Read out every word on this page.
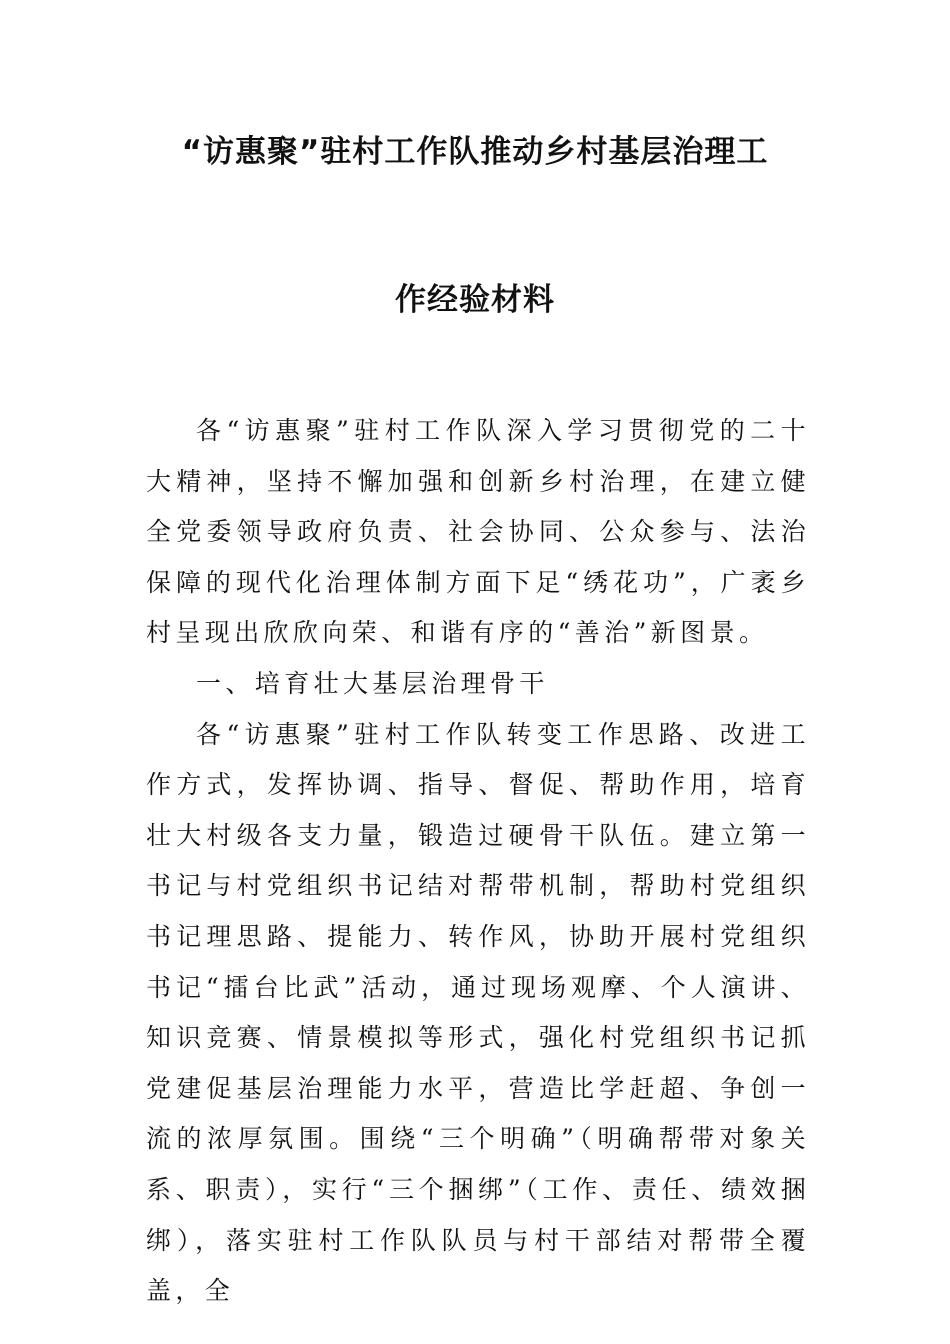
“访惠聚”驻村工作队推动乡村基层治理工
作经验材料

各“访惠聚”驻村工作队深入学习贯彻党的二十大精神，坚持不懈加强和创新乡村治理，在建立健全党委领导政府负责、社会协同、公众参与、法治保障的现代化治理体制方面下足“绣花功”，广袤乡村呈现出欣欣向荣、和谐有序的“善治”新图景。

一、培育壮大基层治理骨干

各“访惠聚”驻村工作队转变工作思路、改进工作方式，发挥协调、指导、督促、帮助作用，培育壮大村级各支力量，锻造过硬骨干队伍。建立第一书记与村党组织书记结对帮带机制，帮助村党组织书记理思路、提能力、转作风，协助开展村党组织书记“擂台比武”活动，通过现场观摩、个人演讲、知识竞赛、情景模拟等形式，强化村党组织书记抓党建促基层治理能力水平，营造比学赶超、争创一流的浓厚氛围。围绕“三个明确”（明确帮带对象关系、职责），实行“三个捆绑”（工作、责任、绩效捆绑），落实驻村工作队队员与村干部结对帮带全覆盖，全
